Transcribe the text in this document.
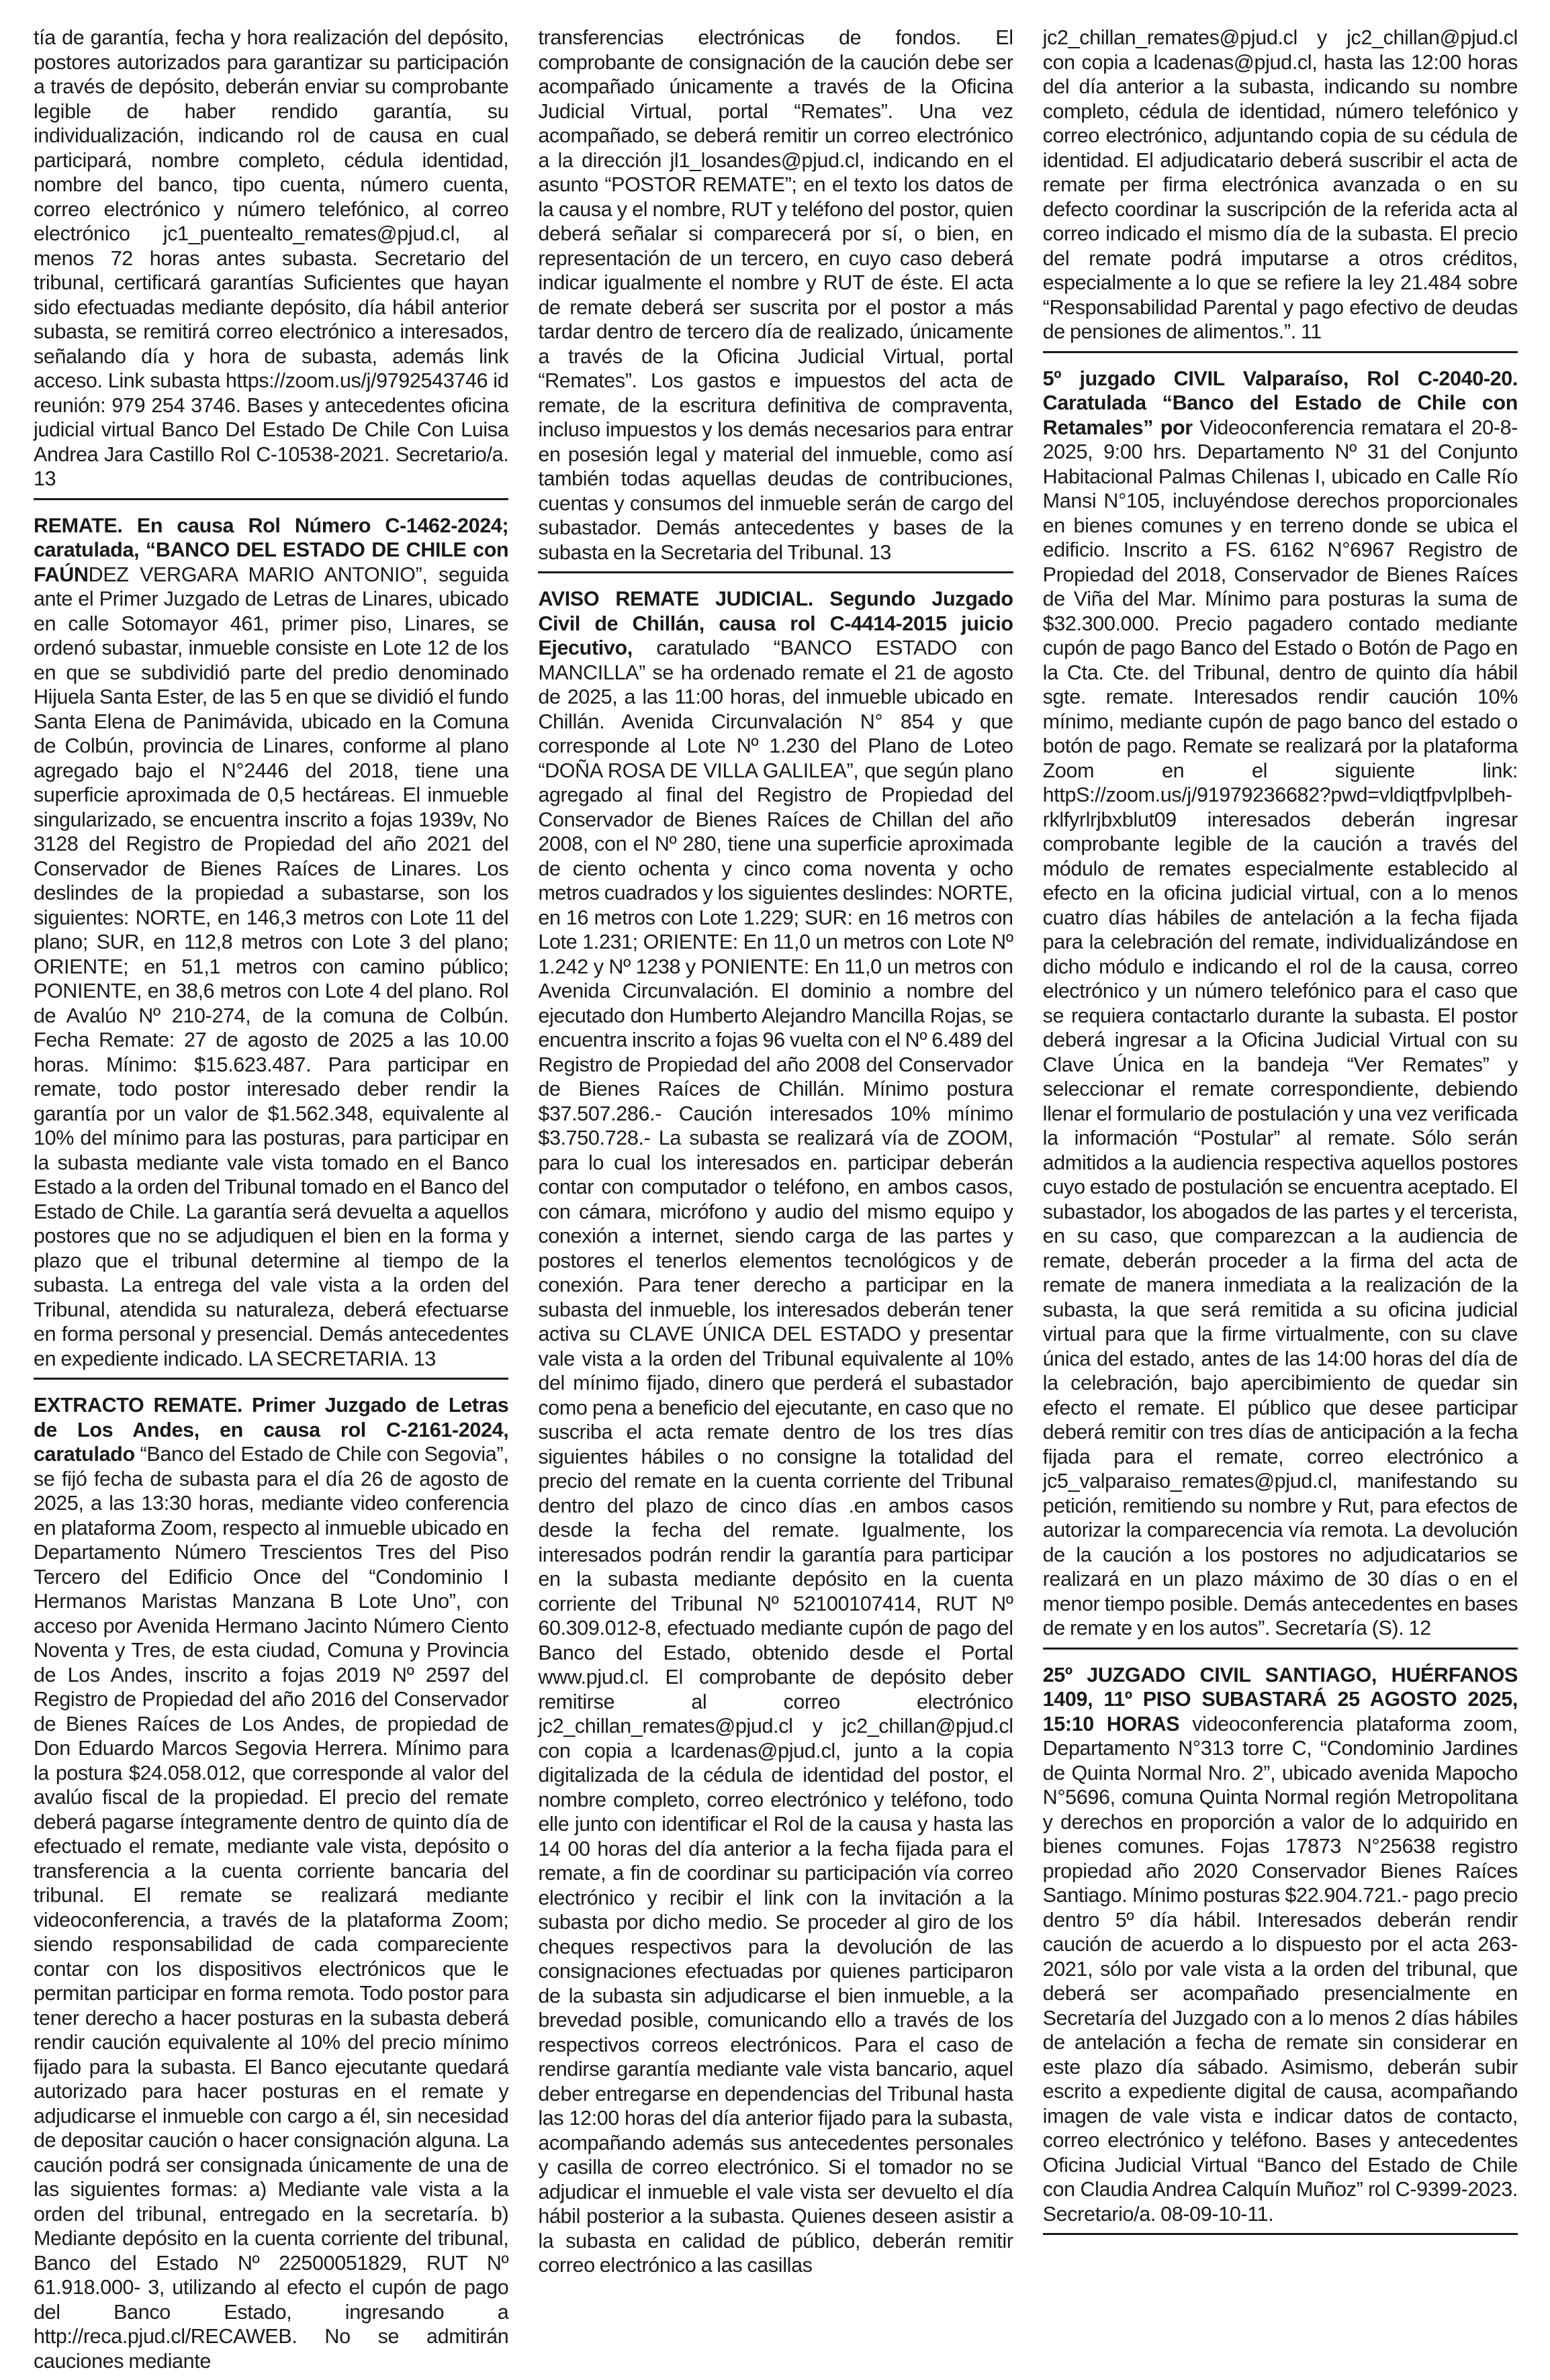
tía de garantía, fecha y hora realización del depósito, postores autorizados para garantizar su participación a través de depósito, deberán enviar su comprobante legible de haber rendido garantía, su individualización, indicando rol de causa en cual participará, nombre completo, cédula identidad, nombre del banco, tipo cuenta, número cuenta, correo electrónico y número telefónico, al correo electrónico jc1_puentealto_remates@pjud.cl, al menos 72 horas antes subasta. Secretario del tribunal, certificará garantías Suficientes que hayan sido efectuadas mediante depósito, día hábil anterior subasta, se remitirá correo electrónico a interesados, señalando día y hora de subasta, además link acceso. Link subasta https://zoom.us/j/9792543746 id reunión: 979 254 3746. Bases y antecedentes oficina judicial virtual Banco Del Estado De Chile Con Luisa Andrea Jara Castillo Rol C-10538-2021. Secretario/a. 13

REMATE. En causa Rol Número C-1462-2024; caratulada, “BANCO DEL ESTADO DE CHILE con FAÚN

DEZ VERGARA MARIO ANTONIO”, seguida ante el Primer Juzgado de Letras de Linares, ubicado en calle Sotomayor 461, primer piso, Linares, se ordenó subastar, inmueble consiste en Lote 12 de los en que se subdividió parte del predio denominado Hijuela Santa Ester, de las 5 en que se dividió el fundo Santa Elena de Panimávida, ubicado en la Comuna de Colbún, provincia de Linares, conforme al plano agregado bajo el N°2446 del 2018, tiene una superficie aproximada de 0,5 hectáreas. El inmueble singularizado, se encuentra inscrito a fojas 1939v, No 3128 del Registro de Propiedad del año 2021 del Conservador de Bienes Raíces de Linares. Los deslindes de la propiedad a subastarse, son los siguientes: NORTE, en 146,3 metros con Lote 11 del plano; SUR, en 112,8 metros con Lote 3 del plano; ORIENTE; en 51,1 metros con camino público; PONIENTE, en 38,6 metros con Lote 4 del plano. Rol de Avalúo Nº 210-274, de la comuna de Colbún. Fecha Remate: 27 de agosto de 2025 a las 10.00 horas. Mínimo: $15.623.487. Para participar en remate, todo postor interesado deber rendir la garantía por un valor de $1.562.348, equivalente al 10% del mínimo para las posturas, para participar en la subasta mediante vale vista tomado en el Banco Estado a la orden del Tribunal tomado en el Banco del Estado de Chile. La garantía será devuelta a aquellos postores que no se adjudiquen el bien en la forma y plazo que el tribunal determine al tiempo de la subasta. La entrega del vale vista a la orden del Tribunal, atendida su naturaleza, deberá efectuarse en forma personal y presencial. Demás antecedentes en expediente indicado. LA SECRETARIA. 13

EXTRACTO REMATE. Primer Juzgado de Letras de Los Andes, en causa rol C-2161-2024, caratulado

“Banco del Estado de Chile con Segovia”, se fijó fecha de subasta para el día 26 de agosto de 2025, a las 13:30 horas, mediante video conferencia en plataforma Zoom, respecto al inmueble ubicado en Departamento Número Trescientos Tres del Piso Tercero del Edificio Once del “Condominio I Hermanos Maristas Manzana B Lote Uno”, con acceso por Avenida Hermano Jacinto Número Ciento Noventa y Tres, de esta ciudad, Comuna y Provincia de Los Andes, inscrito a fojas 2019 Nº 2597 del Registro de Propiedad del año 2016 del Conservador de Bienes Raíces de Los Andes, de propiedad de Don Eduardo Marcos Segovia Herrera. Mínimo para la postura $24.058.012, que corresponde al valor del avalúo fiscal de la propiedad. El precio del remate deberá pagarse íntegramente dentro de quinto día de efectuado el remate, mediante vale vista, depósito o transferencia a la cuenta corriente bancaria del tribunal. El remate se realizará mediante videoconferencia, a través de la plataforma Zoom; siendo responsabilidad de cada compareciente contar con los dispositivos electrónicos que le permitan participar en forma remota. Todo postor para tener derecho a hacer posturas en la subasta deberá rendir caución equivalente al 10% del precio mínimo fijado para la subasta. El Banco ejecutante quedará autorizado para hacer posturas en el remate y adjudicarse el inmueble con cargo a él, sin necesidad de depositar caución o hacer consignación alguna. La caución podrá ser consignada únicamente de una de las siguientes formas: a) Mediante vale vista a la orden del tribunal, entregado en la secretaría. b) Mediante depósito en la cuenta corriente del tribunal, Banco del Estado Nº 22500051829, RUT Nº 61.918.000- 3, utilizando al efecto el cupón de pago del Banco Estado, ingresando a http://reca.pjud.cl/RECAWEB. No se admitirán cauciones mediante

transferencias electrónicas de fondos. El comprobante de consignación de la caución debe ser acompañado únicamente a través de la Oficina Judicial Virtual, portal “Remates”. Una vez acompañado, se deberá remitir un correo electrónico a la dirección jl1_losandes@pjud.cl, indicando en el asunto “POSTOR REMATE”; en el texto los datos de la causa y el nombre, RUT y teléfono del postor, quien deberá señalar si comparecerá por sí, o bien, en representación de un tercero, en cuyo caso deberá indicar igualmente el nombre y RUT de éste. El acta de remate deberá ser suscrita por el postor a más tardar dentro de tercero día de realizado, únicamente a través de la Oficina Judicial Virtual, portal “Remates”. Los gastos e impuestos del acta de remate, de la escritura definitiva de compraventa, incluso impuestos y los demás necesarios para entrar en posesión legal y material del inmueble, como así también todas aquellas deudas de contribuciones, cuentas y consumos del inmueble serán de cargo del subastador. Demás antecedentes y bases de la subasta en la Secretaria del Tribunal. 13

AVISO REMATE JUDICIAL. Segundo Juzgado Civil de Chillán, causa rol C-4414-2015 juicio Ejecutivo,

caratulado “BANCO ESTADO con MANCILLA” se ha ordenado remate el 21 de agosto de 2025, a las 11:00 horas, del inmueble ubicado en Chillán. Avenida Circunvalación N° 854 y que corresponde al Lote Nº 1.230 del Plano de Loteo “DOÑA ROSA DE VILLA GALILEA”, que según plano agregado al final del Registro de Propiedad del Conservador de Bienes Raíces de Chillan del año 2008, con el Nº 280, tiene una superficie aproximada de ciento ochenta y cinco coma noventa y ocho metros cuadrados y los siguientes deslindes: NORTE, en 16 metros con Lote 1.229; SUR: en 16 metros con Lote 1.231; ORIENTE: En 11,0 un metros con Lote Nº 1.242 y Nº 1238 y PONIENTE: En 11,0 un metros con Avenida Circunvalación. El dominio a nombre del ejecutado don Humberto Alejandro Mancilla Rojas, se encuentra inscrito a fojas 96 vuelta con el Nº 6.489 del Registro de Propiedad del año 2008 del Conservador de Bienes Raíces de Chillán. Mínimo postura $37.507.286.- Caución interesados 10% mínimo $3.750.728.- La subasta se realizará vía de ZOOM, para lo cual los interesados en. participar deberán contar con computador o teléfono, en ambos casos, con cámara, micrófono y audio del mismo equipo y conexión a internet, siendo carga de las partes y postores el tenerlos elementos tecnológicos y de conexión. Para tener derecho a participar en la subasta del inmueble, los interesados deberán tener activa su CLAVE ÚNICA DEL ESTADO y presentar vale vista a la orden del Tribunal equivalente al 10% del mínimo fijado, dinero que perderá el subastador como pena a beneficio del ejecutante, en caso que no suscriba el acta remate dentro de los tres días siguientes hábiles o no consigne la totalidad del precio del remate en la cuenta corriente del Tribunal dentro del plazo de cinco días .en ambos casos desde la fecha del remate. Igualmente, los interesados podrán rendir la garantía para participar en la subasta mediante depósito en la cuenta corriente del Tribunal Nº 52100107414, RUT Nº 60.309.012-8, efectuado mediante cupón de pago del Banco del Estado, obtenido desde el Portal www.pjud.cl. El comprobante de depósito deber remitirse al correo electrónico jc2_chillan_remates@pjud.cl y jc2_chillan@pjud.cl con copia a lcardenas@pjud.cl, junto a la copia digitalizada de la cédula de identidad del postor, el nombre completo, correo electrónico y teléfono, todo elle junto con identificar el Rol de la causa y hasta las 14 00 horas del día anterior a la fecha fijada para el remate, a fin de coordinar su participación vía correo electrónico y recibir el link con la invitación a la subasta por dicho medio. Se proceder al giro de los cheques respectivos para la devolución de las consignaciones efectuadas por quienes participaron de la subasta sin adjudicarse el bien inmueble, a la brevedad posible, comunicando ello a través de los respectivos correos electrónicos. Para el caso de rendirse garantía mediante vale vista bancario, aquel deber entregarse en dependencias del Tribunal hasta las 12:00 horas del día anterior fijado para la subasta, acompañando además sus antecedentes personales y casilla de correo electrónico. Si el tomador no se adjudicar el inmueble el vale vista ser devuelto el día hábil posterior a la subasta. Quienes deseen asistir a la subasta en calidad de público, deberán remitir correo electrónico a las casillas

jc2_chillan_remates@pjud.cl y jc2_chillan@pjud.cl con copia a lcadenas@pjud.cl, hasta las 12:00 horas del día anterior a la subasta, indicando su nombre completo, cédula de identidad, número telefónico y correo electrónico, adjuntando copia de su cédula de identidad. El adjudicatario deberá suscribir el acta de remate per firma electrónica avanzada o en su defecto coordinar la suscripción de la referida acta al correo indicado el mismo día de la subasta. El precio del remate podrá imputarse a otros créditos, especialmente a lo que se refiere la ley 21.484 sobre “Responsabilidad Parental y pago efectivo de deudas de pensiones de alimentos.”. 11

5º juzgado CIVIL Valparaíso, Rol C-2040-20. Caratulada “Banco del Estado de Chile con Retamales” por

Videoconferencia rematara el 20-8-2025, 9:00 hrs. Departamento Nº 31 del Conjunto Habitacional Palmas Chilenas I, ubicado en Calle Río Mansi N°105, incluyéndose derechos proporcionales en bienes comunes y en terreno donde se ubica el edificio. Inscrito a FS. 6162 N°6967 Registro de Propiedad del 2018, Conservador de Bienes Raíces de Viña del Mar. Mínimo para posturas la suma de $32.300.000. Precio pagadero contado mediante cupón de pago Banco del Estado o Botón de Pago en la Cta. Cte. del Tribunal, dentro de quinto día hábil sgte. remate. Interesados rendir caución 10% mínimo, mediante cupón de pago banco del estado o botón de pago. Remate se realizará por la plataforma Zoom en el siguiente link: httpS://zoom.us/j/91979236682?pwd=vldiqtfpvlplbeh-rklfyrlrjbxblut09 interesados deberán ingresar comprobante legible de la caución a través del módulo de remates especialmente establecido al efecto en la oficina judicial virtual, con a lo menos cuatro días hábiles de antelación a la fecha fijada para la celebración del remate, individualizándose en dicho módulo e indicando el rol de la causa, correo electrónico y un número telefónico para el caso que se requiera contactarlo durante la subasta. El postor deberá ingresar a la Oficina Judicial Virtual con su Clave Única en la bandeja “Ver Remates” y seleccionar el remate correspondiente, debiendo llenar el formulario de postulación y una vez verificada la información “Postular” al remate. Sólo serán admitidos a la audiencia respectiva aquellos postores cuyo estado de postulación se encuentra aceptado. El subastador, los abogados de las partes y el tercerista, en su caso, que comparezcan a la audiencia de remate, deberán proceder a la firma del acta de remate de manera inmediata a la realización de la subasta, la que será remitida a su oficina judicial virtual para que la firme virtualmente, con su clave única del estado, antes de las 14:00 horas del día de la celebración, bajo apercibimiento de quedar sin efecto el remate. El público que desee participar deberá remitir con tres días de anticipación a la fecha fijada para el remate, correo electrónico a jc5_valparaiso_remates@pjud.cl, manifestando su petición, remitiendo su nombre y Rut, para efectos de autorizar la comparecencia vía remota. La devolución de la caución a los postores no adjudicatarios se realizará en un plazo máximo de 30 días o en el menor tiempo posible. Demás antecedentes en bases de remate y en los autos”. Secretaría (S). 12

25º JUZGADO CIVIL SANTIAGO, HUÉRFANOS 1409, 11º PISO SUBASTARÁ 25 AGOSTO 2025, 15:10 HORAS

videoconferencia plataforma zoom, Departamento N°313 torre C, “Condominio Jardines de Quinta Normal Nro. 2”, ubicado avenida Mapocho N°5696, comuna Quinta Normal región Metropolitana y derechos en proporción a valor de lo adquirido en bienes comunes. Fojas 17873 N°25638 registro propiedad año 2020 Conservador Bienes Raíces Santiago. Mínimo posturas $22.904.721.- pago precio dentro 5º día hábil. Interesados deberán rendir caución de acuerdo a lo dispuesto por el acta 263-2021, sólo por vale vista a la orden del tribunal, que deberá ser acompañado presencialmente en Secretaría del Juzgado con a lo menos 2 días hábiles de antelación a fecha de remate sin considerar en este plazo día sábado. Asimismo, deberán subir escrito a expediente digital de causa, acompañando imagen de vale vista e indicar datos de contacto, correo electrónico y teléfono. Bases y antecedentes Oficina Judicial Virtual “Banco del Estado de Chile con Claudia Andrea Calquín Muñoz” rol C-9399-2023. Secretario/a. 08-09-10-11.
